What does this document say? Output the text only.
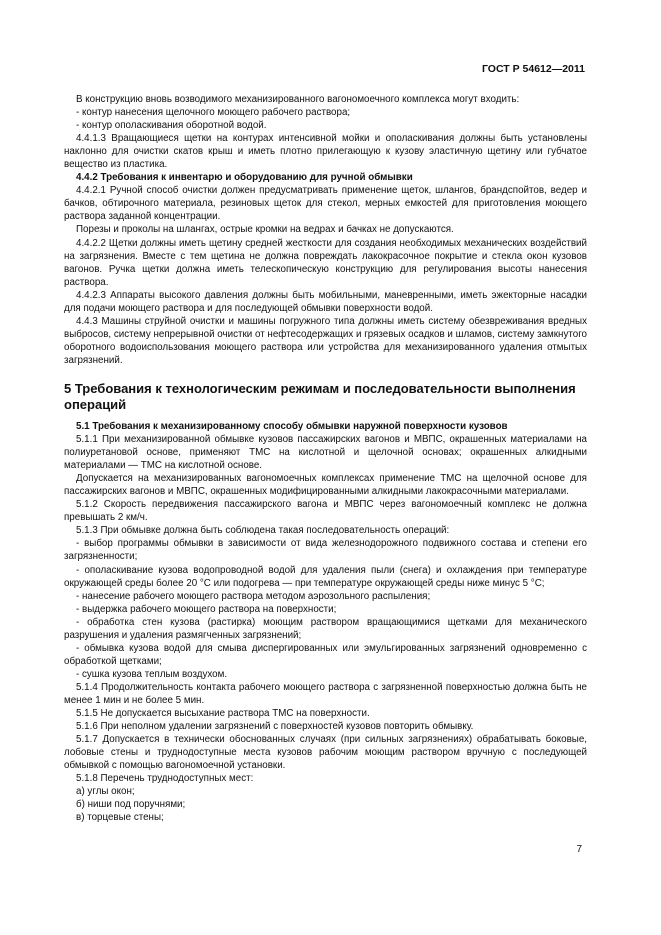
ГОСТ Р 54612—2011

В конструкцию вновь возводимого механизированного вагономоечного комплекса могут входить:

- контур нанесения щелочного моющего рабочего раствора;

- контур ополаскивания оборотной водой.

4.4.1.3 Вращающиеся щетки на контурах интенсивной мойки и ополаскивания должны быть установлены наклонно для очистки скатов крыш и иметь плотно прилегающую к кузову эластичную щетину или губчатое вещество из пластика.

4.4.2 Требования к инвентарю и оборудованию для ручной обмывки

4.4.2.1 Ручной способ очистки должен предусматривать применение щеток, шлангов, брандспойтов, ведер и бачков, обтирочного материала, резиновых щеток для стекол, мерных емкостей для приготовления моющего раствора заданной концентрации.

Порезы и проколы на шлангах, острые кромки на ведрах и бачках не допускаются.

4.4.2.2 Щетки должны иметь щетину средней жесткости для создания необходимых механических воздействий на загрязнения. Вместе с тем щетина не должна повреждать лакокрасочное покрытие и стекла окон кузовов вагонов. Ручка щетки должна иметь телескопическую конструкцию для регулирования высоты нанесения раствора.

4.4.2.3 Аппараты высокого давления должны быть мобильными, маневренными, иметь эжекторные насадки для подачи моющего раствора и для последующей обмывки поверхности водой.

4.4.3 Машины струйной очистки и машины погружного типа должны иметь систему обезвреживания вредных выбросов, систему непрерывной очистки от нефтесодержащих и грязевых осадков и шламов, систему замкнутого оборотного водоиспользования моющего раствора или устройства для механизированного удаления отмытых загрязнений.

5 Требования к технологическим режимам и последовательности выполнения операций

5.1 Требования к механизированному способу обмывки наружной поверхности кузовов

5.1.1 При механизированной обмывке кузовов пассажирских вагонов и МВПС, окрашенных материалами на полиуретановой основе, применяют ТМС на кислотной и щелочной основах; окрашенных алкидными материалами — ТМС на кислотной основе.

Допускается на механизированных вагономоечных комплексах применение ТМС на щелочной основе для пассажирских вагонов и МВПС, окрашенных модифицированными алкидными лакокрасочными материалами.

5.1.2 Скорость передвижения пассажирского вагона и МВПС через вагономоечный комплекс не должна превышать 2 км/ч.

5.1.3 При обмывке должна быть соблюдена такая последовательность операций:

- выбор программы обмывки в зависимости от вида железнодорожного подвижного состава и степени его загрязненности;

- ополаскивание кузова водопроводной водой для удаления пыли (снега) и охлаждения при температуре окружающей среды более 20 °С или подогрева — при температуре окружающей среды ниже минус 5 °С;

- нанесение рабочего моющего раствора методом аэрозольного распыления;

- выдержка рабочего моющего раствора на поверхности;

- обработка стен кузова (растирка) моющим раствором вращающимися щетками для механического разрушения и удаления размягченных загрязнений;

- обмывка кузова водой для смыва диспергированных или эмульгированных загрязнений одновременно с обработкой щетками;

- сушка кузова теплым воздухом.

5.1.4 Продолжительность контакта рабочего моющего раствора с загрязненной поверхностью должна быть не менее 1 мин и не более 5 мин.

5.1.5 Не допускается высыхание раствора ТМС на поверхности.

5.1.6 При неполном удалении загрязнений с поверхностей кузовов повторить обмывку.

5.1.7 Допускается в технически обоснованных случаях (при сильных загрязнениях) обрабатывать боковые, лобовые стены и труднодоступные места кузовов рабочим моющим раствором вручную с последующей обмывкой с помощью вагономоечной установки.

5.1.8 Перечень труднодоступных мест:

а) углы окон;

б) ниши под поручнями;

в) торцевые стены;

7
